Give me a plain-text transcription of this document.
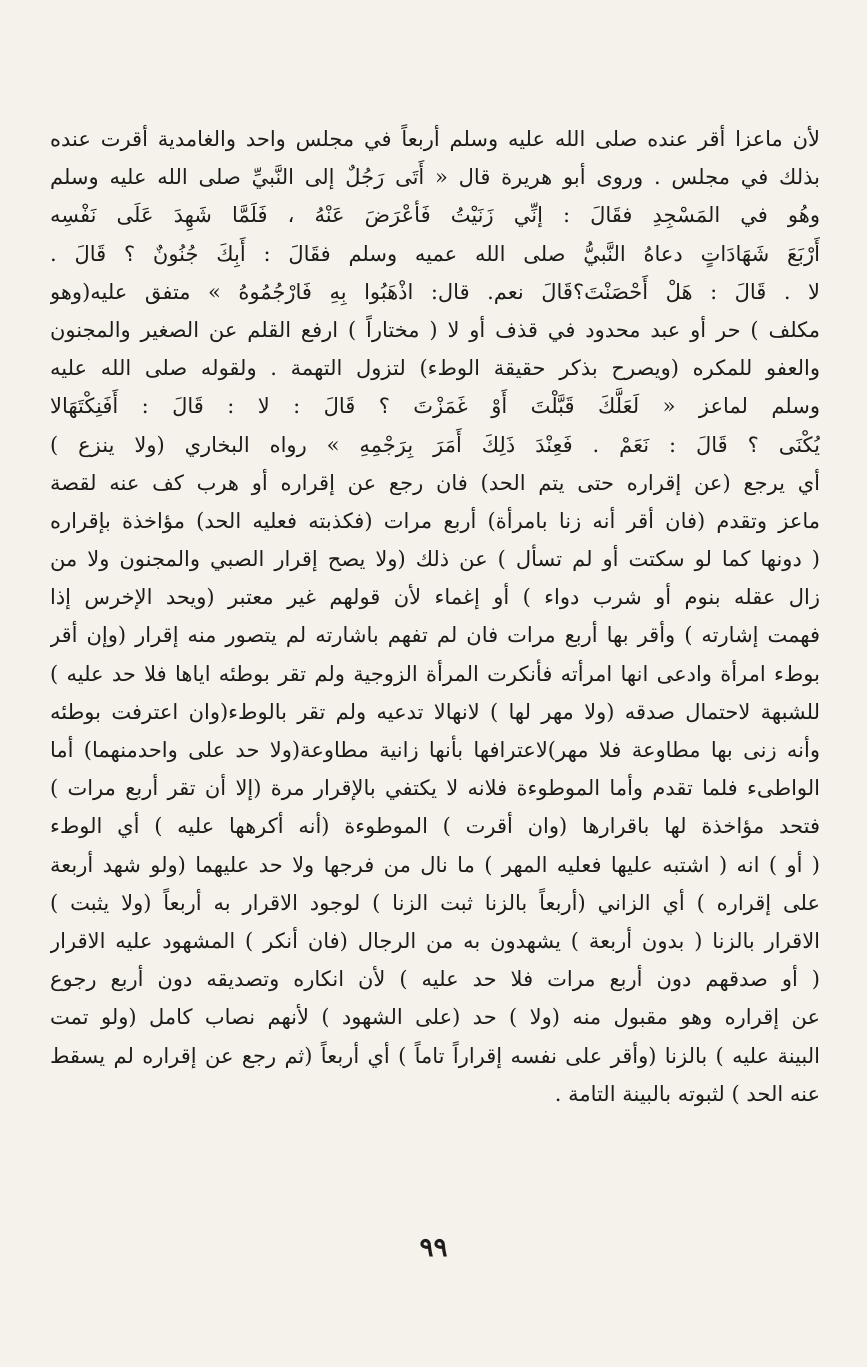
لأن ماعزا أقر عنده صلى الله عليه وسلم أربعاً في مجلس واحد والغامدية أقرت عنده
بذلك في مجلس . وروى أبو هريرة قال « أَتَى رَجُلٌ إلى النَّبيِّ صلى الله عليه وسلم
وهُو في المَسْجِدِ فقَالَ : إنِّي زَنَيْتُ فَأعْرَضَ عَنْهُ ، فَلَمَّا شَهِدَ عَلَى نَفْسِه
أَرْبَعَ شَهَادَاتٍ دعاهُ النَّبيُّ صلى الله عميه وسلم فقَالَ : أَبِكَ جُنُونٌ ؟ قَالَ .
لا . قَالَ : هَلْ أَحْصَنْتَ؟قَالَ نعم. قال: اذْهَبُوا بِهِ فَارْجُمُوهُ » متفق عليه(وهو
مكلف ) حر أو عبد محدود في قذف أو لا ( مختاراً ) ارفع القلم عن الصغير والمجنون
والعفو للمكره (ويصرح بذكر حقيقة الوطء) لتزول التهمة . ولقوله صلى الله عليه
وسلم لماعز « لَعَلَّكَ قَبَّلْتَ أَوْ غَمَزْتَ ؟ قَالَ : لا : قَالَ : أَفَنِكْتَهَالا
يُكْنَى ؟ قَالَ : نَعَمْ . فَعِنْدَ ذَلِكَ أَمَرَ بِرَجْمِهِ » رواه البخاري (ولا ينزع )
أي يرجع (عن إقراره حتى يتم الحد) فان رجع عن إقراره أو هرب كف عنه لقصة
ماعز وتقدم (فان أقر أنه زنا بامرأة) أربع مرات (فكذبته فعليه الحد) مؤاخذة بإقراره
( دونها كما لو سكتت أو لم تسأل ) عن ذلك (ولا يصح إقرار الصبي والمجنون ولا من
زال عقله بنوم أو شرب دواء ) أو إغماء لأن قولهم غير معتبر (ويحد الإخرس إذا
فهمت إشارته ) وأقر بها أربع مرات فان لم تفهم باشارته لم يتصور منه إقرار (وإن أقر
بوطء امرأة وادعى انها امرأته فأنكرت المرأة الزوجية ولم تقر بوطئه اياها فلا حد عليه )
للشبهة لاحتمال صدقه (ولا مهر لها ) لانهالا تدعيه ولم تقر بالوطء(وان اعترفت بوطئه
وأنه زنى بها مطاوعة فلا مهر)لاعترافها بأنها زانية مطاوعة(ولا حد على واحدمنهما) أما
الواطىء فلما تقدم وأما الموطوءة فلانه لا يكتفي بالإقرار مرة (إلا أن تقر أربع مرات )
فتحد مؤاخذة لها باقرارها (وان أقرت ) الموطوءة (أنه أكرهها عليه ) أي الوطء
( أو ) انه ( اشتبه عليها فعليه المهر ) ما نال من فرجها ولا حد عليهما (ولو شهد أربعة
على إقراره ) أي الزاني (أربعاً بالزنا ثبت الزنا ) لوجود الاقرار به أربعاً (ولا يثبت )
الاقرار بالزنا ( بدون أربعة ) يشهدون به من الرجال (فان أنكر ) المشهود عليه الاقرار
( أو صدقهم دون أربع مرات فلا حد عليه ) لأن انكاره وتصديقه دون أربع رجوع
عن إقراره وهو مقبول منه (ولا ) حد (على الشهود ) لأنهم نصاب كامل (ولو تمت
البينة عليه ) بالزنا (وأقر على نفسه إقراراً تاماً ) أي أربعاً (ثم رجع عن إقراره لم يسقط
عنه الحد ) لثبوته بالبينة التامة .
٩٩
